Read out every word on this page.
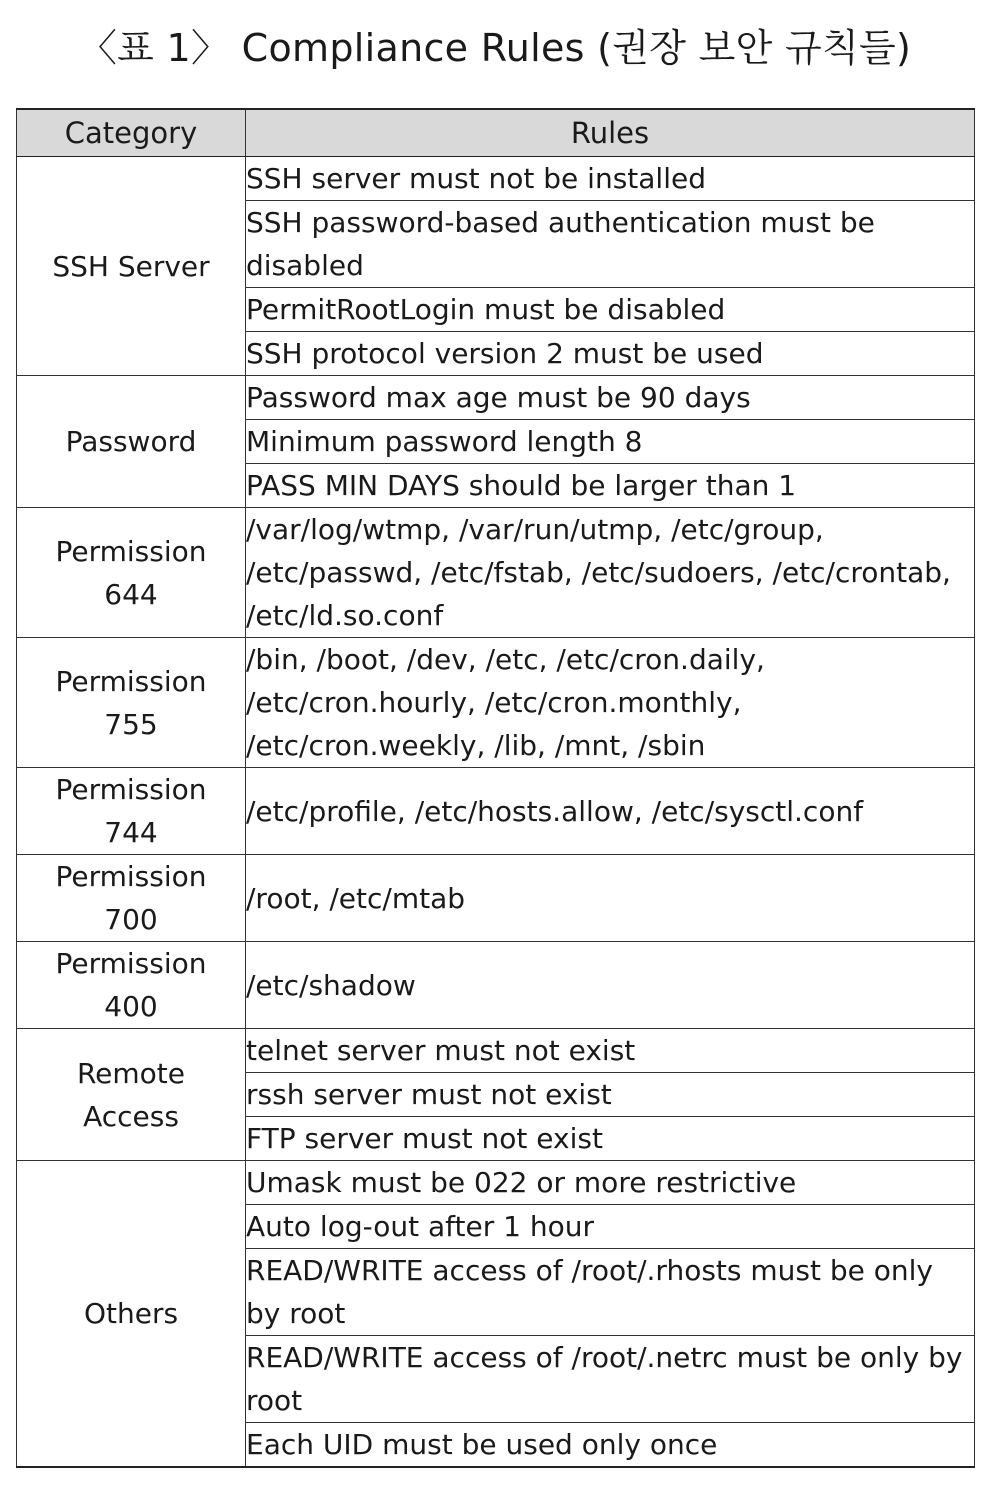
〈표 1〉 Compliance Rules (권장 보안 규칙들)
Category	Rules
SSH Server	SSH server must not be installed
	SSH password-based authentication must be disabled
	PermitRootLogin must be disabled
	SSH protocol version 2 must be used
Password	Password max age must be 90 days
	Minimum password length 8
	PASS MIN DAYS should be larger than 1
Permission 644	/var/log/wtmp, /var/run/utmp, /etc/group, /etc/passwd, /etc/fstab, /etc/sudoers, /etc/crontab, /etc/ld.so.conf
Permission 755	/bin, /boot, /dev, /etc, /etc/cron.daily, /etc/cron.hourly, /etc/cron.monthly, /etc/cron.weekly, /lib, /mnt, /sbin
Permission 744	/etc/profile, /etc/hosts.allow, /etc/sysctl.conf
Permission 700	/root, /etc/mtab
Permission 400	/etc/shadow
Remote Access	telnet server must not exist
	rssh server must not exist
	FTP server must not exist
Others	Umask must be 022 or more restrictive
	Auto log-out after 1 hour
	READ/WRITE access of /root/.rhosts must be only by root
	READ/WRITE access of /root/.netrc must be only by root
	Each UID must be used only once
